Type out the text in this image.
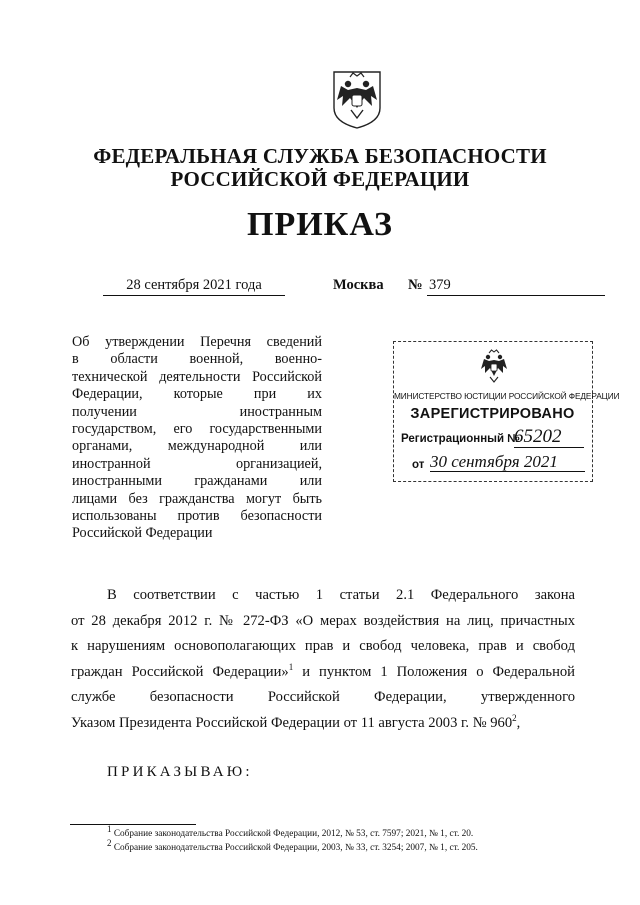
ФЕДЕРАЛЬНАЯ СЛУЖБА БЕЗОПАСНОСТИ
РОССИЙСКОЙ ФЕДЕРАЦИИ
ПРИКАЗ
28 сентября 2021 года	Москва № 379
Об утверждении Перечня сведений
в области военной, военно-
технической деятельности Российской
Федерации, которые при их
получении иностранным
государством, его государственными
органами, международной или
иностранной организацией,
иностранными гражданами или
лицами без гражданства могут быть
использованы против безопасности
Российской Федерации
МИНИСТЕРСТВО ЮСТИЦИИ РОССИЙСКОЙ ФЕДЕРАЦИИ
ЗАРЕГИСТРИРОВАНО
Регистрационный №
65202
от 30 сентября 2021
В соответствии с частью 1 статьи 2.1 Федерального закона
от 28 декабря 2012 г. № 272-ФЗ «О мерах воздействия на лиц, причастных
к нарушениям основополагающих прав и свобод человека, прав и свобод
граждан Российской Федерации»$^1$ и пунктом 1 Положения о Федеральной
службе безопасности Российской Федерации, утвержденного
Указом Президента Российской Федерации от 11 августа 2003 г. № $960^2$,
ПРИКАЗЫВАЮ:
$^1$ Собрание законодательства Российской Федерации, 2012, № 53, ст. 7597; 2021, № 1, ст. 20.
$^2$ Собрание законодательства Российской Федерации, 2003, № 33, ст. 3254; 2007, № 1, ст. 205.
